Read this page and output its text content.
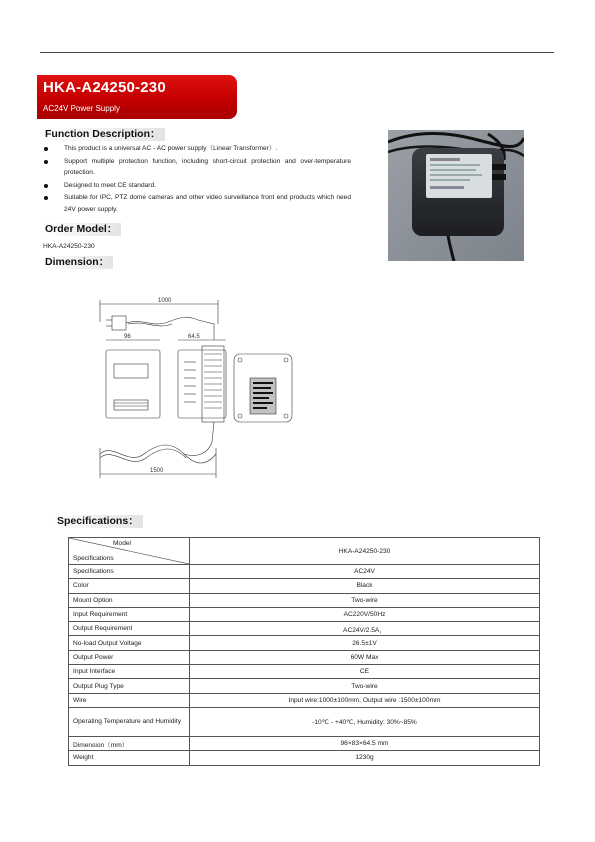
HKA-A24250-230
AC24V Power Supply
Function Description：
This product is a universal AC - AC power supply（Linear Transformer）.
Support multiple protection function, including short-circuit protection and over-temperature protection.
Designed to meet CE standard.
Suitable for IPC, PTZ dome cameras and other video surveillance front end products which need 24V power supply.
Order Model：
HKA-A24250-230
Dimension：
1000
96	64.5
1500
Specifications：
Model
Specifications	HKA-A24250-230
Specifications	AC24V
Color	Black
Mount Option	Two-wire
Input Requirement	AC220V/50Hz
Output Requirement	AC24V/2.5A，
No-load Output Voltage	26.5±1V
Output Power	60W Max
Input Interface	CE
Output Plug Type	Two-wire
Wire	Input wire:1000±100mm, Output wire :1500±100mm
Operating Temperature and Humidity	-10℃ - +40℃, Humidity: 30%~85%
Dimension（mm）	96×83×64.5 mm
Weight	1230g
